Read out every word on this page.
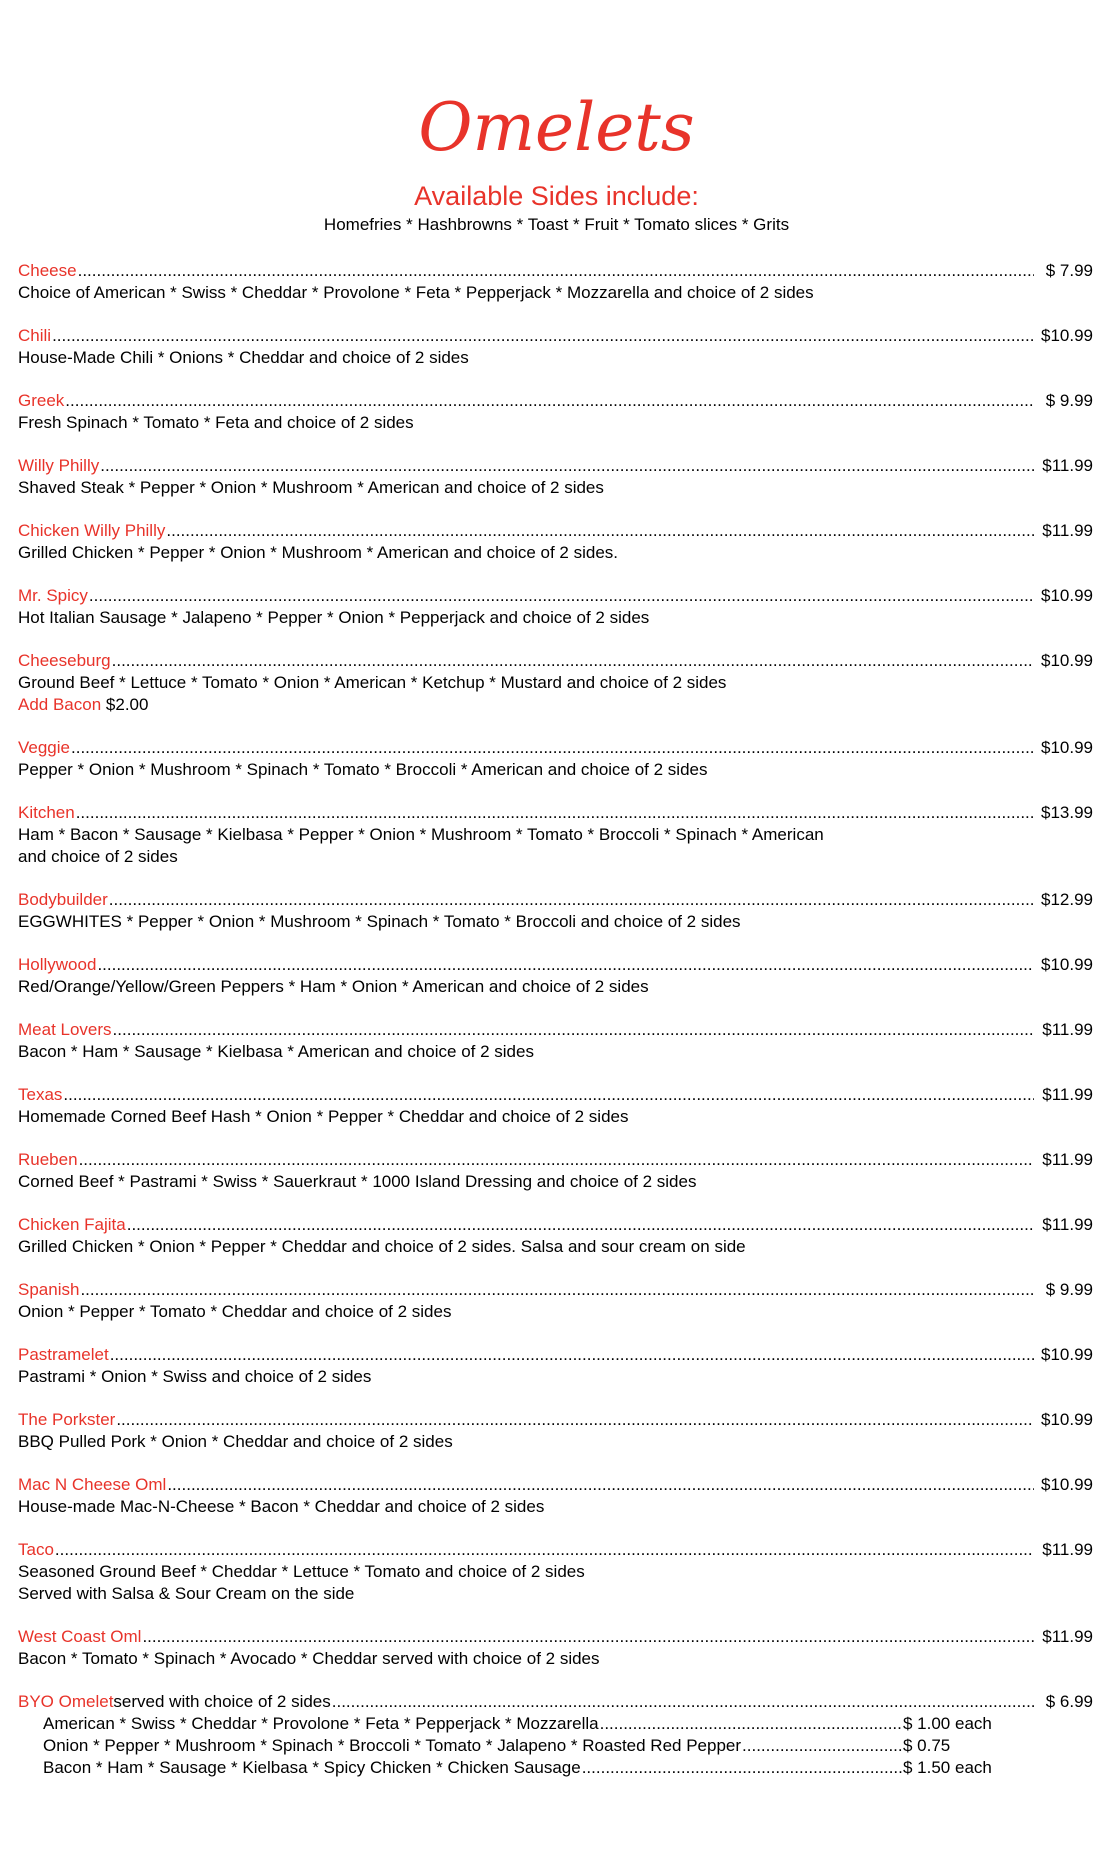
Omelets
Available Sides include:
Homefries * Hashbrowns * Toast * Fruit * Tomato slices * Grits
Cheese .....	$ 7.99
Choice of American * Swiss * Cheddar * Provolone * Feta * Pepperjack * Mozzarella and choice of 2 sides
Chili .....	$10.99
House-Made Chili * Onions * Cheddar and choice of 2 sides
Greek .....	$ 9.99
Fresh Spinach * Tomato * Feta and choice of 2 sides
Willy Philly .....	$11.99
Shaved Steak * Pepper * Onion * Mushroom * American and choice of 2 sides
Chicken Willy Philly .....	$11.99
Grilled Chicken * Pepper * Onion * Mushroom * American and choice of 2 sides.
Mr. Spicy .....	$10.99
Hot Italian Sausage * Jalapeno * Pepper * Onion * Pepperjack and choice of 2 sides
Cheeseburg .....	$10.99
Ground Beef * Lettuce * Tomato * Onion * American * Ketchup * Mustard and choice of 2 sides
Add Bacon $2.00
Veggie .....	$10.99
Pepper * Onion * Mushroom * Spinach * Tomato * Broccoli * American and choice of 2 sides
Kitchen .....	$13.99
Ham * Bacon * Sausage * Kielbasa * Pepper * Onion * Mushroom * Tomato * Broccoli * Spinach * American
and choice of 2 sides
Bodybuilder .....	$12.99
EGGWHITES * Pepper * Onion * Mushroom * Spinach * Tomato * Broccoli and choice of 2 sides
Hollywood .....	$10.99
Red/Orange/Yellow/Green Peppers * Ham * Onion * American and choice of 2 sides
Meat Lovers .....	$11.99
Bacon * Ham * Sausage * Kielbasa * American and choice of 2 sides
Texas .....	$11.99
Homemade Corned Beef Hash * Onion * Pepper * Cheddar and choice of 2 sides
Rueben .....	$11.99
Corned Beef * Pastrami * Swiss * Sauerkraut * 1000 Island Dressing and choice of 2 sides
Chicken Fajita .....	$11.99
Grilled Chicken * Onion * Pepper * Cheddar and choice of 2 sides. Salsa and sour cream on side
Spanish .....	$ 9.99
Onion * Pepper * Tomato * Cheddar and choice of 2 sides
Pastramelet .....	$10.99
Pastrami * Onion * Swiss and choice of 2 sides
The Porkster .....	$10.99
BBQ Pulled Pork * Onion * Cheddar and choice of 2 sides
Mac N Cheese Oml .....	$10.99
House-made Mac-N-Cheese * Bacon * Cheddar and choice of 2 sides
Taco .....	$11.99
Seasoned Ground Beef * Cheddar * Lettuce * Tomato and choice of 2 sides
Served with Salsa & Sour Cream on the side
West Coast Oml .....	$11.99
Bacon * Tomato * Spinach * Avocado * Cheddar served with choice of 2 sides
BYO Omelet served with choice of 2 sides .....	$ 6.99
American * Swiss * Cheddar * Provolone * Feta * Pepperjack * Mozzarella .....	$ 1.00 each
Onion * Pepper * Mushroom * Spinach * Broccoli * Tomato * Jalapeno * Roasted Red Pepper .....	$ 0.75
Bacon * Ham * Sausage * Kielbasa * Spicy Chicken * Chicken Sausage .....	$ 1.50 each
